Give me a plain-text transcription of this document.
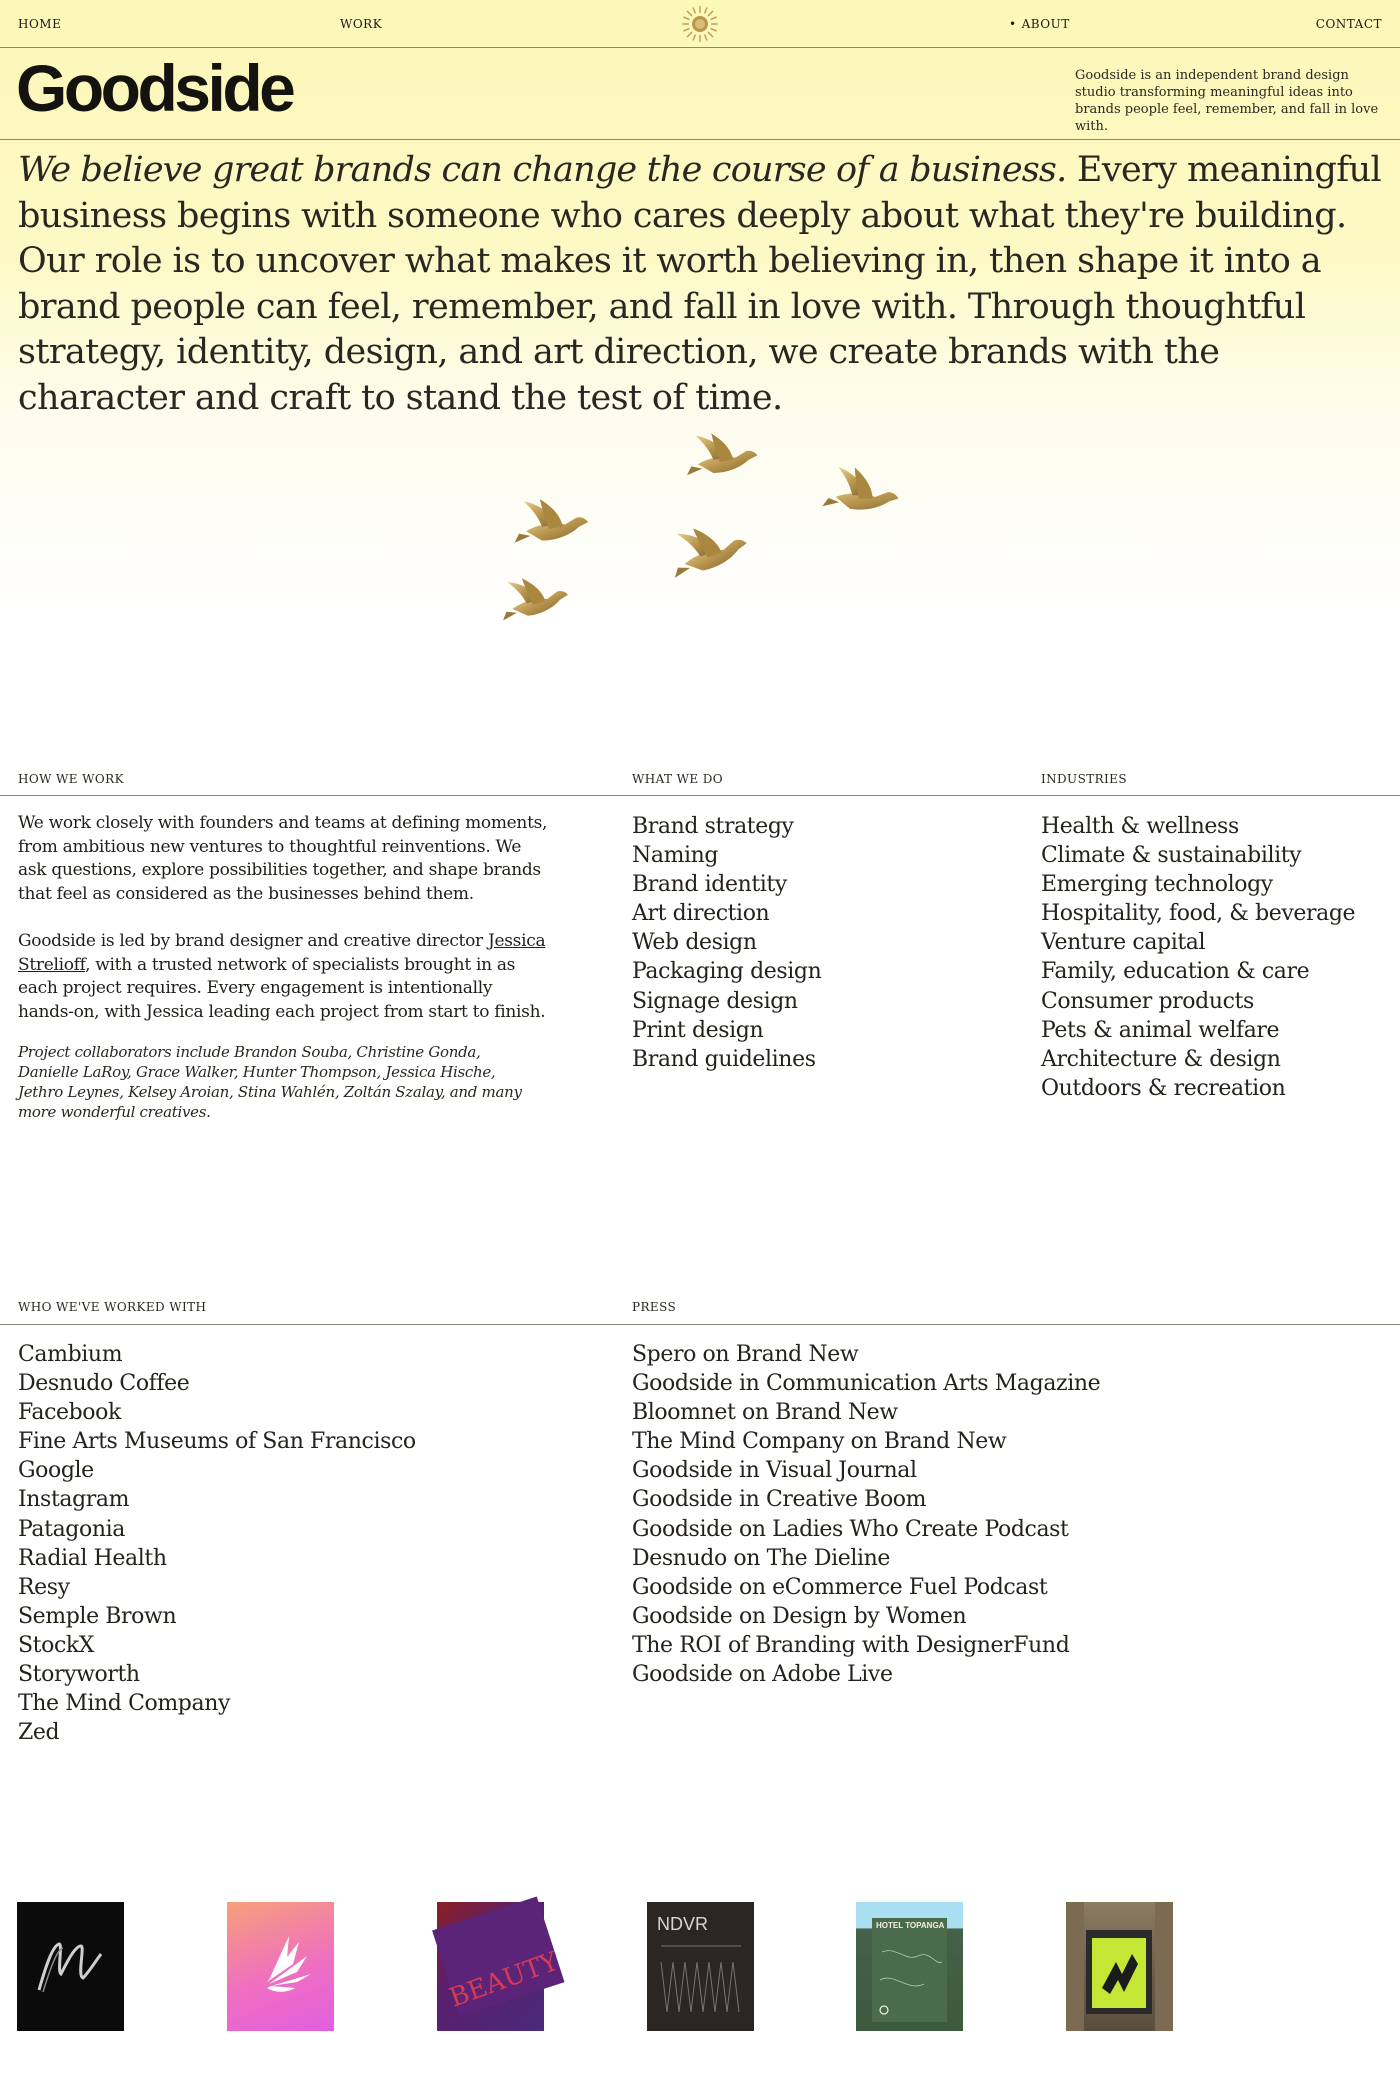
HOME	WORK
•	ABOUT	CONTACT
Goodside	Goodside is an independent brand design studio transforming meaningful ideas into brands people feel, remember, and fall in love with.

We believe great brands can change the course of a business. Every meaningful business begins with someone who cares deeply about what they're building. Our role is to uncover what makes it worth believing in, then shape it into a brand people can feel, remember, and fall in love with. Through thoughtful strategy, identity, design, and art direction, we create brands with the character and craft to stand the test of time.

HOW WE WORK	WHAT WE DO	INDUSTRIES

We work closely with founders and teams at defining moments, from ambitious new ventures to thoughtful reinventions. We ask questions, explore possibilities together, and shape brands that feel as considered as the businesses behind them.

Goodside is led by brand designer and creative director Jessica Streliof​f, with a trusted network of specialists brought in as each project requires. Every engagement is intentionally hands-on, with Jessica leading each project from start to finish.

Project collaborators include Brandon Souba, Christine Gonda, Danielle LaRoy, Grace Walker, Hunter Thompson, Jessica Hische, Jethro Leynes, Kelsey Aroian, Stina Wahlén, Zoltán Szalay, and many more wonderful creatives.

Brand strategy
Naming
Brand identity
Art direction
Web design
Packaging design
Signage design
Print design
Brand guidelines
Health & wellness
Climate & sustainability
Emerging technology
Hospitality, food, & beverage
Venture capital
Family, education & care
Consumer products
Pets & animal welfare
Architecture & design
Outdoors & recreation
WHO WE'VE WORKED WITH	PRESS
Cambium
Desnudo Coffee
Facebook
Fine Arts Museums of San Francisco
Google
Instagram
Patagonia
Radial Health
Resy
Semple Brown
StockX
Storyworth
The Mind Company
Zed
Spero on Brand New
Goodside in Communication Arts Magazine
Bloomnet on Brand New
The Mind Company on Brand New
Goodside in Visual Journal
Goodside in Creative Boom
Goodside on Ladies Who Create Podcast
Desnudo on The Dieline
Goodside on eCommerce Fuel Podcast
Goodside on Design by Women
The ROI of Branding with DesignerFund
Goodside on Adobe Live
BEAUTY
NDVR	HOTEL TOPANGA
